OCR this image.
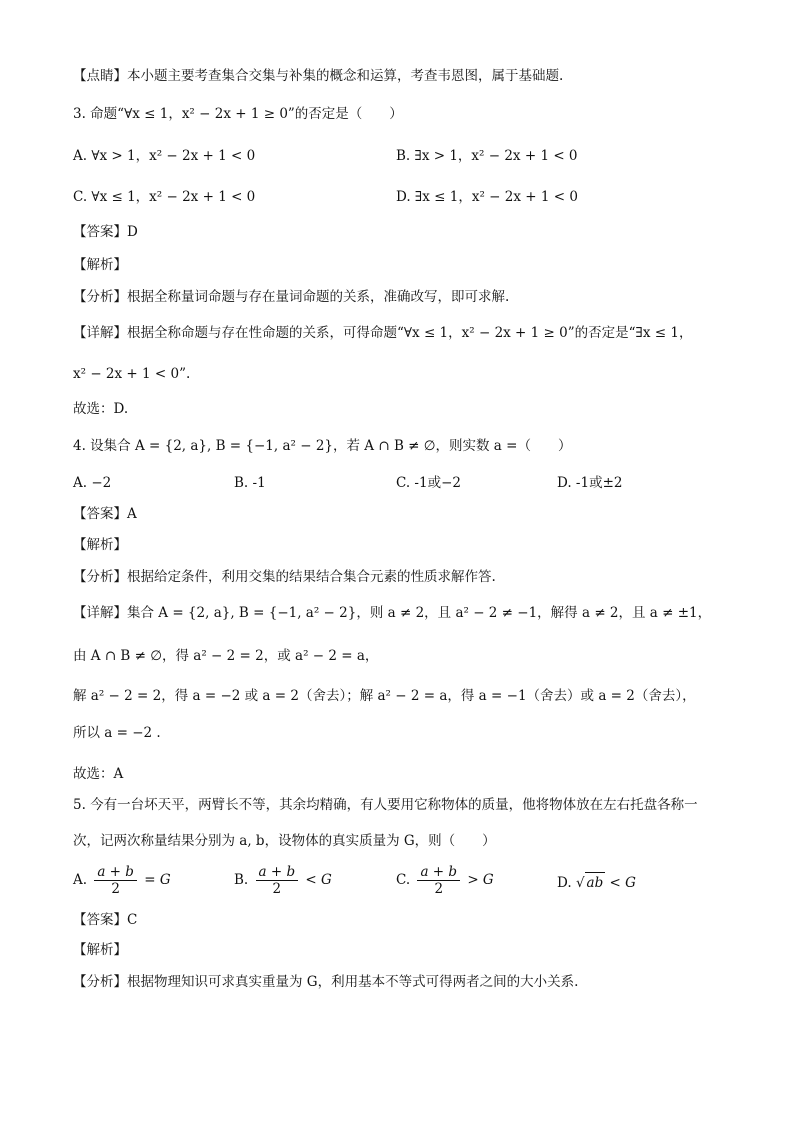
【点睛】本小题主要考查集合交集与补集的概念和运算，考查韦恩图，属于基础题.
3. 命题“∀x ≤ 1，x² − 2x + 1 ≥ 0”的否定是（　　）
A. ∀x > 1，x² − 2x + 1 < 0	B. ∃x > 1，x² − 2x + 1 < 0
C. ∀x ≤ 1，x² − 2x + 1 < 0	D. ∃x ≤ 1，x² − 2x + 1 < 0
【答案】D
【解析】
【分析】根据全称量词命题与存在量词命题的关系，准确改写，即可求解.
【详解】根据全称命题与存在性命题的关系，可得命题“∀x ≤ 1，x² − 2x + 1 ≥ 0”的否定是“∃x ≤ 1，
x² − 2x + 1 < 0”.
故选：D.
4. 设集合 A = {2, a}, B = {−1, a² − 2}，若 A ∩ B ≠ ∅，则实数 a =（　　）
A. −2	B. -1	C. -1或−2	D. -1或±2
【答案】A
【解析】
【分析】根据给定条件，利用交集的结果结合集合元素的性质求解作答.
【详解】集合 A = {2, a}, B = {−1, a² − 2}，则 a ≠ 2，且 a² − 2 ≠ −1，解得 a ≠ 2，且 a ≠ ±1，
由 A ∩ B ≠ ∅，得 a² − 2 = 2，或 a² − 2 = a，
解 a² − 2 = 2，得 a = −2 或 a = 2（舍去）；解 a² − 2 = a，得 a = −1（舍去）或 a = 2（舍去），
所以 a = −2 .
故选：A
5. 今有一台坏天平，两臂长不等，其余均精确，有人要用它称物体的质量，他将物体放在左右托盘各称一
次，记两次称量结果分别为 a, b，设物体的真实质量为 G，则（　　）
A. $\frac{a + b}{2} = G$	B. $\frac{a + b}{2} < G$	C. $\frac{a + b}{2} > G$	D. √ ab < G
【答案】C
【解析】
【分析】根据物理知识可求真实重量为 G，利用基本不等式可得两者之间的大小关系.
